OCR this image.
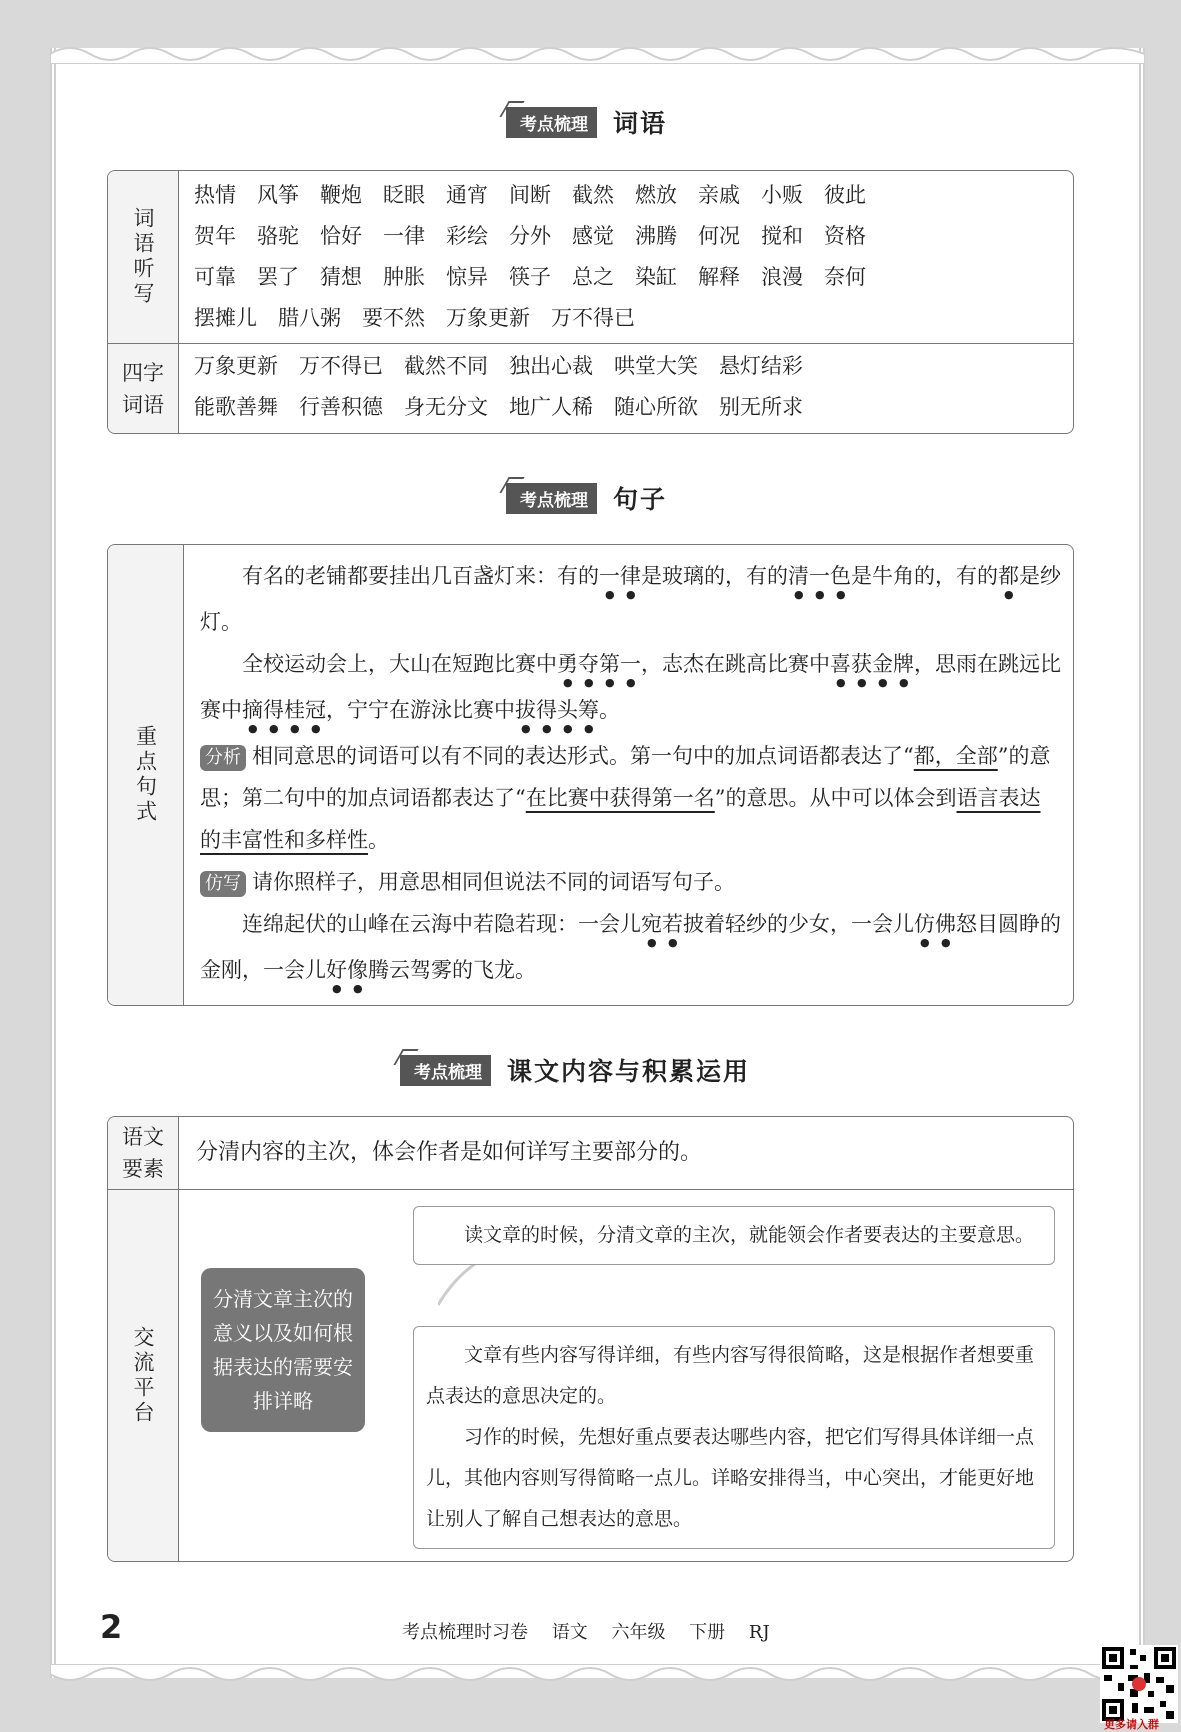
考点梳理	词语
词语听写
热情 风筝 鞭炮 眨眼 通宵 间断 截然 燃放 亲戚 小贩 彼此
贺年 骆驼 恰好 一律 彩绘 分外 感觉 沸腾 何况 搅和 资格
可靠 罢了 猜想 肿胀 惊异 筷子 总之 染缸 解释 浪漫 奈何
摆摊儿 腊八粥 要不然 万象更新 万不得已
四字词语
万象更新 万不得已 截然不同 独出心裁 哄堂大笑 悬灯结彩
能歌善舞 行善积德 身无分文 地广人稀 随心所欲 别无所求
考点梳理	句子
重点句式

有名的老铺都要挂出几百盏灯来：有的一律是玻璃的，有的清一色是牛角的，有的都是纱灯。

全校运动会上，大山在短跑比赛中勇夺第一，志杰在跳高比赛中喜获金牌，思雨在跳远比赛中摘得桂冠，宁宁在游泳比赛中拔得头筹。

分析 相同意思的词语可以有不同的表达形式。第一句中的加点词语都表达了“都，全部”的意思；第二句中的加点词语都表达了“在比赛中获得第一名”的意思。从中可以体会到语言表达的丰富性和多样性。

仿写 请你照样子，用意思相同但说法不同的词语写句子。

连绵起伏的山峰在云海中若隐若现：一会儿宛若披着轻纱的少女，一会儿仿佛怒目圆睁的金刚，一会儿好像腾云驾雾的飞龙。

考点梳理	课文内容与积累运用
语文要素
分清内容的主次，体会作者是如何详写主要部分的。
交流平台
分清文章主次的意义以及如何根据表达的需要安排详略

读文章的时候，分清文章的主次，就能领会作者要表达的主要意思。

文章有些内容写得详细，有些内容写得很简略，这是根据作者想要重点表达的意思决定的。

习作的时候，先想好重点要表达哪些内容，把它们写得具体详细一点儿，其他内容则写得简略一点儿。详略安排得当，中心突出，才能更好地让别人了解自己想表达的意思。

2	考点梳理时习卷 语文 六年级 下册 RJ
更多请入群
